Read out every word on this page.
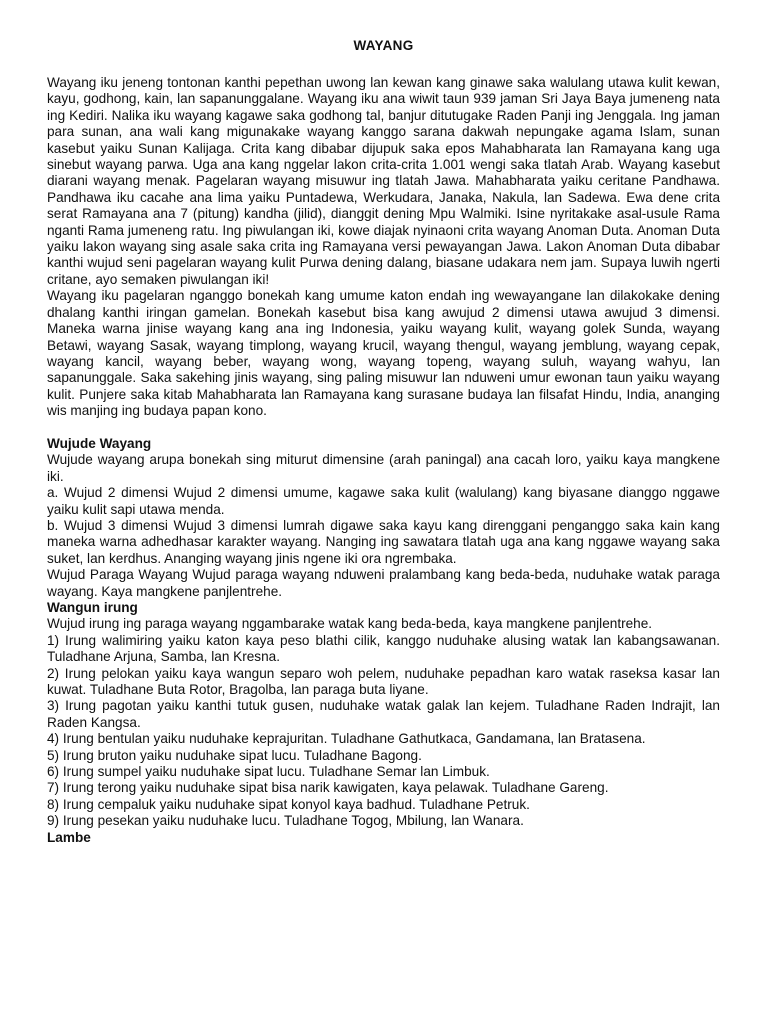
WAYANG

Wayang iku jeneng tontonan kanthi pepethan uwong lan kewan kang ginawe saka walulang utawa kulit kewan, kayu, godhong, kain, lan sapanunggalane. Wayang iku ana wiwit taun 939 jaman Sri Jaya Baya jumeneng nata ing Kediri. Nalika iku wayang kagawe saka godhong tal, banjur ditutugake Raden Panji ing Jenggala. Ing jaman para sunan, ana wali kang migunakake wayang kanggo sarana dakwah nepungake agama Islam, sunan kasebut yaiku Sunan Kalijaga. Crita kang dibabar dijupuk saka epos Mahabharata lan Ramayana kang uga sinebut wayang parwa. Uga ana kang nggelar lakon crita-crita 1.001 wengi saka tlatah Arab. Wayang kasebut diarani wayang menak. Pagelaran wayang misuwur ing tlatah Jawa. Mahabharata yaiku ceritane Pandhawa. Pandhawa iku cacahe ana lima yaiku Puntadewa, Werkudara, Janaka, Nakula, lan Sadewa. Ewa dene crita serat Ramayana ana 7 (pitung) kandha (jilid), dianggit dening Mpu Walmiki. Isine nyritakake asal-usule Rama nganti Rama jumeneng ratu. Ing piwulangan iki, kowe diajak nyinaoni crita wayang Anoman Duta. Anoman Duta yaiku lakon wayang sing asale saka crita ing Ramayana versi pewayangan Jawa. Lakon Anoman Duta dibabar kanthi wujud seni pagelaran wayang kulit Purwa dening dalang, biasane udakara nem jam. Supaya luwih ngerti critane, ayo semaken piwulangan iki!

Wayang iku pagelaran nganggo bonekah kang umume katon endah ing wewayangane lan dilakokake dening dhalang kanthi iringan gamelan. Bonekah kasebut bisa kang awujud 2 dimensi utawa awujud 3 dimensi. Maneka warna jinise wayang kang ana ing Indonesia, yaiku wayang kulit, wayang golek Sunda, wayang Betawi, wayang Sasak, wayang timplong, wayang krucil, wayang thengul, wayang jemblung, wayang cepak, wayang kancil, wayang beber, wayang wong, wayang topeng, wayang suluh, wayang wahyu, lan sapanunggale. Saka sakehing jinis wayang, sing paling misuwur lan nduweni umur ewonan taun yaiku wayang kulit. Punjere saka kitab Mahabharata lan Ramayana kang surasane budaya lan filsafat Hindu, India, ananging wis manjing ing budaya papan kono.

Wujude Wayang

Wujude wayang arupa bonekah sing miturut dimensine (arah paningal) ana cacah loro, yaiku kaya mangkene iki.

a. Wujud 2 dimensi Wujud 2 dimensi umume, kagawe saka kulit (walulang) kang biyasane dianggo nggawe yaiku kulit sapi utawa menda.

b. Wujud 3 dimensi Wujud 3 dimensi lumrah digawe saka kayu kang direnggani penganggo saka kain kang maneka warna adhedhasar karakter wayang. Nanging ing sawatara tlatah uga ana kang nggawe wayang saka suket, lan kerdhus. Ananging wayang jinis ngene iki ora ngrembaka.

Wujud Paraga Wayang Wujud paraga wayang nduweni pralambang kang beda-beda, nuduhake watak paraga wayang. Kaya mangkene panjlentrehe.

Wangun irung

Wujud irung ing paraga wayang nggambarake watak kang beda-beda, kaya mangkene panjlentrehe.

1) Irung walimiring yaiku katon kaya peso blathi cilik, kanggo nuduhake alusing watak lan kabangsawanan. Tuladhane Arjuna, Samba, lan Kresna.

2) Irung pelokan yaiku kaya wangun separo woh pelem, nuduhake pepadhan karo watak raseksa kasar lan kuwat. Tuladhane Buta Rotor, Bragolba, lan paraga buta liyane.

3) Irung pagotan yaiku kanthi tutuk gusen, nuduhake watak galak lan kejem. Tuladhane Raden Indrajit, lan Raden Kangsa.

4) Irung bentulan yaiku nuduhake keprajuritan. Tuladhane Gathutkaca, Gandamana, lan Bratasena.

5) Irung bruton yaiku nuduhake sipat lucu. Tuladhane Bagong.

6) Irung sumpel yaiku nuduhake sipat lucu. Tuladhane Semar lan Limbuk.

7) Irung terong yaiku nuduhake sipat bisa narik kawigaten, kaya pelawak. Tuladhane Gareng.

8) Irung cempaluk yaiku nuduhake sipat konyol kaya badhud. Tuladhane Petruk.

9) Irung pesekan yaiku nuduhake lucu. Tuladhane Togog, Mbilung, lan Wanara.

Lambe
